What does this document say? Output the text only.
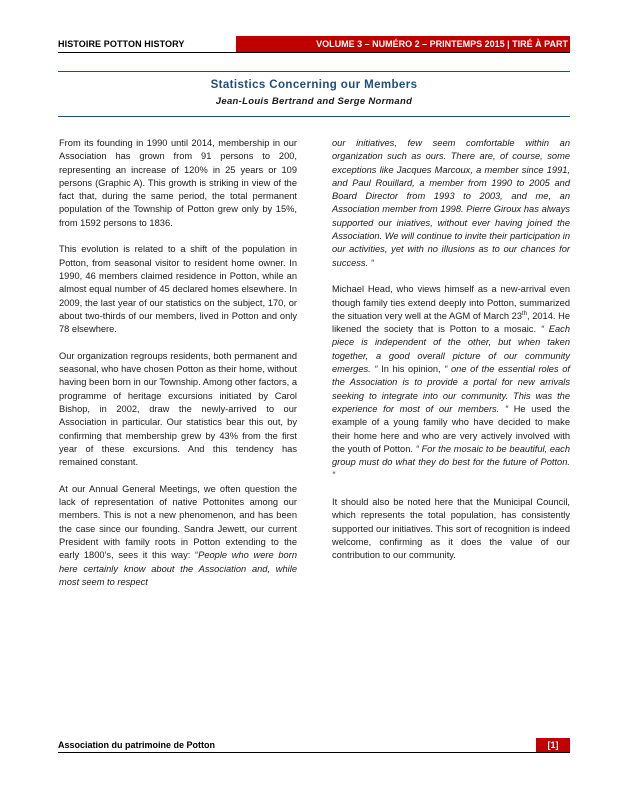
HISTOIRE POTTON HISTORY	VOLUME 3 – NUMÉRO 2 – PRINTEMPS 2015 | TIRÉ À PART
Statistics Concerning our Members
Jean-Louis Bertrand and Serge Normand

From its founding in 1990 until 2014, membership in our Association has grown from 91 persons to 200, representing an increase of 120% in 25 years or 109 persons (Graphic A). This growth is striking in view of the fact that, during the same period, the total permanent population of the Township of Potton grew only by 15%, from 1592 persons to 1836.

This evolution is related to a shift of the population in Potton, from seasonal visitor to resident home owner. In 1990, 46 members claimed residence in Potton, while an almost equal number of 45 declared homes elsewhere. In 2009, the last year of our statistics on the subject, 170, or about two-thirds of our members, lived in Potton and only 78 elsewhere.

Our organization regroups residents, both permanent and seasonal, who have chosen Potton as their home, without having been born in our Township. Among other factors, a programme of heritage excursions initiated by Carol Bishop, in 2002, draw the newly-arrived to our Association in particular. Our statistics bear this out, by confirming that membership grew by 43% from the first year of these excursions. And this tendency has remained constant.

At our Annual General Meetings, we often question the lack of representation of native Pottonites among our members. This is not a new phenomenon, and has been the case since our founding. Sandra Jewett, our current President with family roots in Potton extending to the early 1800’s, sees it this way: “People who were born here certainly know about the Association and, while most seem to respect

our initiatives, few seem comfortable within an organization such as ours. There are, of course, some exceptions like Jacques Marcoux, a member since 1991, and Paul Rouillard, a member from 1990 to 2005 and Board Director from 1993 to 2003, and me, an Association member from 1998. Pierre Giroux has always supported our iniatives, without ever having joined the Association. We will continue to invite their participation in our activities, yet with no illusions as to our chances for success. “

Michael Head, who views himself as a new-arrival even though family ties extend deeply into Potton, summarized the situation very well at the AGM of March 23th, 2014. He likened the society that is Potton to a mosaic. “ Each piece is independent of the other, but when taken together, a good overall picture of our community emerges. “ In his opinion, “ one of the essential roles of the Association is to provide a portal for new arrivals seeking to integrate into our community. This was the experience for most of our members. “ He used the example of a young family who have decided to make their home here and who are very actively involved with the youth of Potton. “ For the mosaic to be beautiful, each group must do what they do best for the future of Potton. “

It should also be noted here that the Municipal Council, which represents the total population, has consistently supported our initiatives. This sort of recognition is indeed welcome, confirming as it does the value of our contribution to our community.

Association du patrimoine de Potton	[1]
